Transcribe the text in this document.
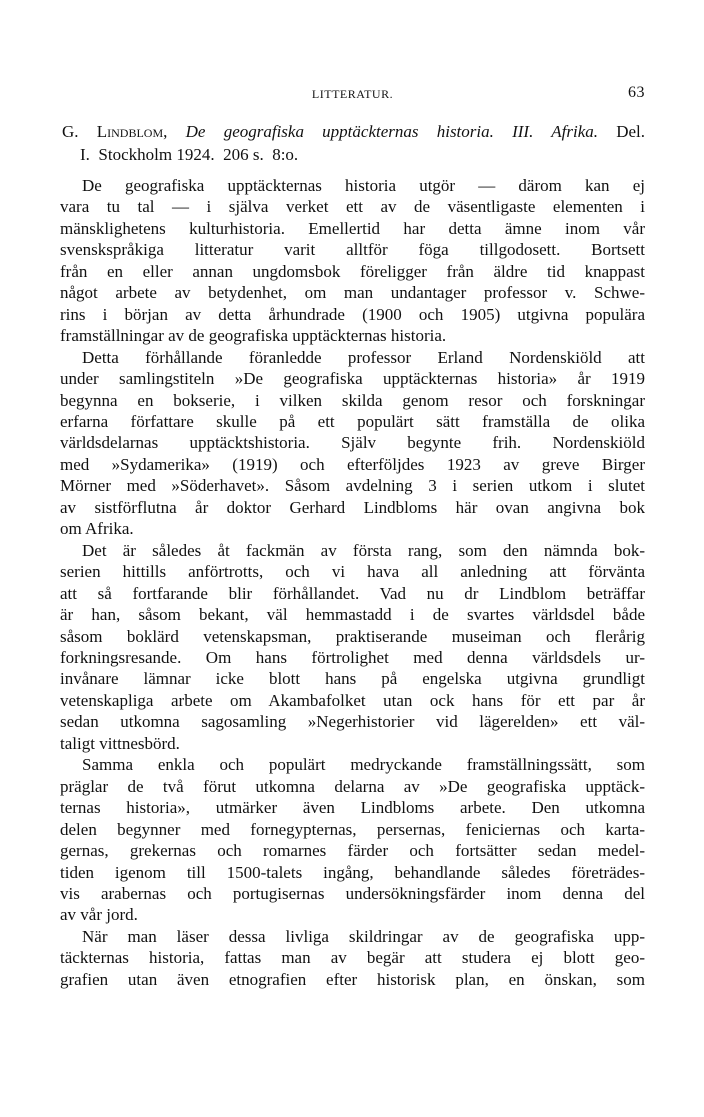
LITTERATUR.	63
G. Lindblom, De geografiska upptäckternas historia. III. Afrika. Del.
I.  Stockholm 1924.  206 s.  8:o.
De geografiska upptäckternas historia utgör — därom kan ej
vara tu tal — i själva verket ett av de väsentligaste elementen i
mänsklighetens kulturhistoria. Emellertid har detta ämne inom vår
svenskspråkiga litteratur varit alltför föga tillgodosett. Bortsett
från en eller annan ungdomsbok föreligger från äldre tid knappast
något arbete av betydenhet, om man undantager professor v. Schwe-
rins i början av detta århundrade (1900 och 1905) utgivna populära
framställningar av de geografiska upptäckternas historia.
Detta förhållande föranledde professor Erland Nordenskiöld att
under samlingstiteln »De geografiska upptäckternas historia» år 1919
begynna en bokserie, i vilken skilda genom resor och forskningar
erfarna författare skulle på ett populärt sätt framställa de olika
världsdelarnas upptäcktshistoria. Själv begynte frih. Nordenskiöld
med »Sydamerika» (1919) och efterföljdes 1923 av greve Birger
Mörner med »Söderhavet». Såsom avdelning 3 i serien utkom i slutet
av sistförflutna år doktor Gerhard Lindbloms här ovan angivna bok
om Afrika.
Det är således åt fackmän av första rang, som den nämnda bok-
serien hittills anförtrotts, och vi hava all anledning att förvänta
att så fortfarande blir förhållandet. Vad nu dr Lindblom beträffar
är han, såsom bekant, väl hemmastadd i de svartes världsdel både
såsom boklärd vetenskapsman, praktiserande museiman och flerårig
forkningsresande. Om hans förtrolighet med denna världsdels ur-
invånare lämnar icke blott hans på engelska utgivna grundligt
vetenskapliga arbete om Akambafolket utan ock hans för ett par år
sedan utkomna sagosamling »Negerhistorier vid lägerelden» ett väl-
taligt vittnesbörd.
Samma enkla och populärt medryckande framställningssätt, som
präglar de två förut utkomna delarna av »De geografiska upptäck-
ternas historia», utmärker även Lindbloms arbete. Den utkomna
delen begynner med fornegypternas, persernas, feniciernas och karta-
gernas, grekernas och romarnes färder och fortsätter sedan medel-
tiden igenom till 1500-talets ingång, behandlande således företrädes-
vis arabernas och portugisernas undersökningsfärder inom denna del
av vår jord.
När man läser dessa livliga skildringar av de geografiska upp-
täckternas historia, fattas man av begär att studera ej blott geo-
grafien utan även etnografien efter historisk plan, en önskan, som
